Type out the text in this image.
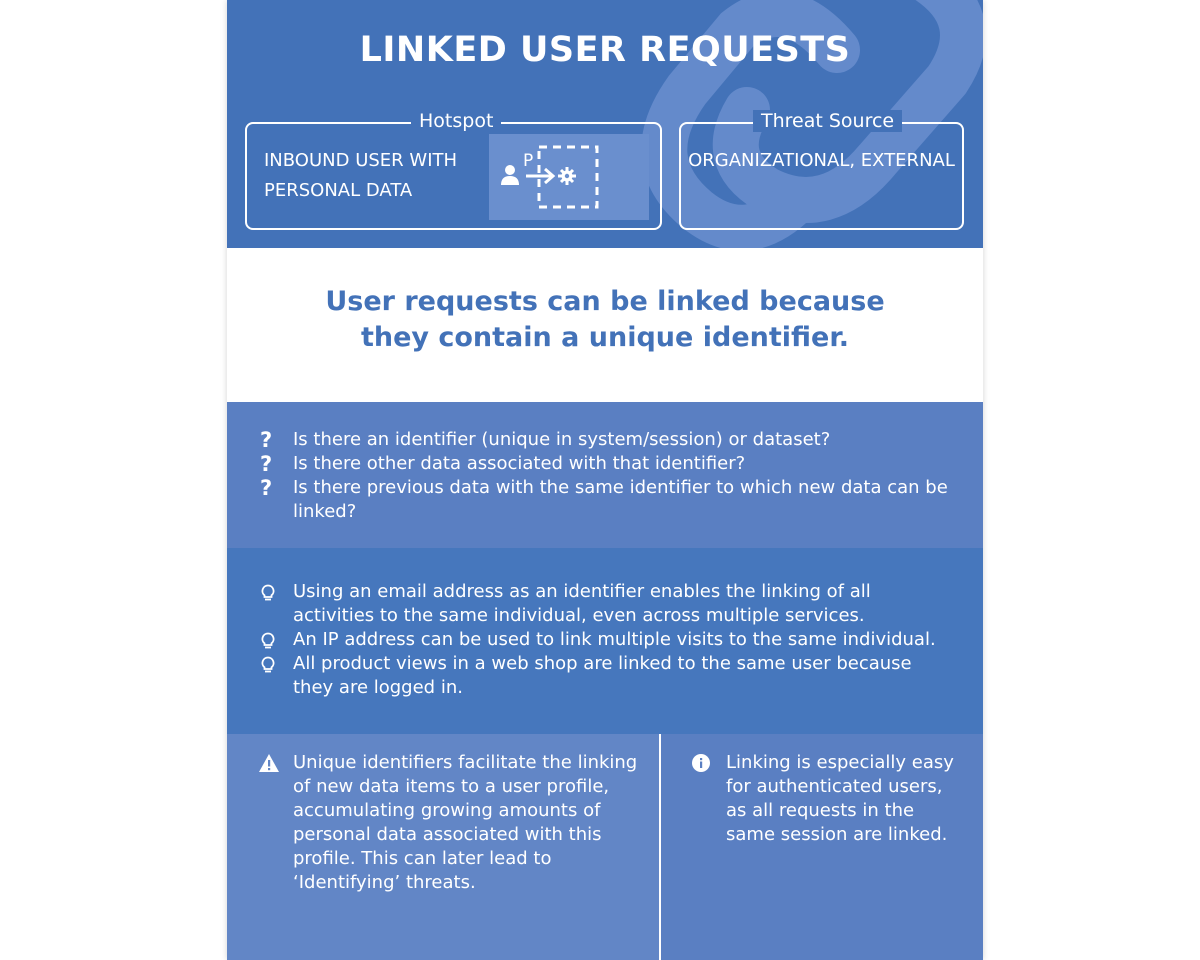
LINKED USER REQUESTS
Hotspot
INBOUND USER WITH PERSONAL DATA
P
Threat Source
ORGANIZATIONAL, EXTERNAL

User requests can be linked because they contain a unique identifier.

? Is there an identifier (unique in system/session) or dataset?
? Is there other data associated with that identifier?
? Is there previous data with the same identifier to which new data can be linked?
Using an email address as an identifier enables the linking of all activities to the same individual, even across multiple services.
An IP address can be used to link multiple visits to the same individual.
All product views in a web shop are linked to the same user because they are logged in.

Unique identifiers facilitate the linking of new data items to a user profile, accumulating growing amounts of personal data associated with this profile. This can later lead to ‘Identifying’ threats.

Linking is especially easy for authenticated users, as all requests in the same session are linked.
